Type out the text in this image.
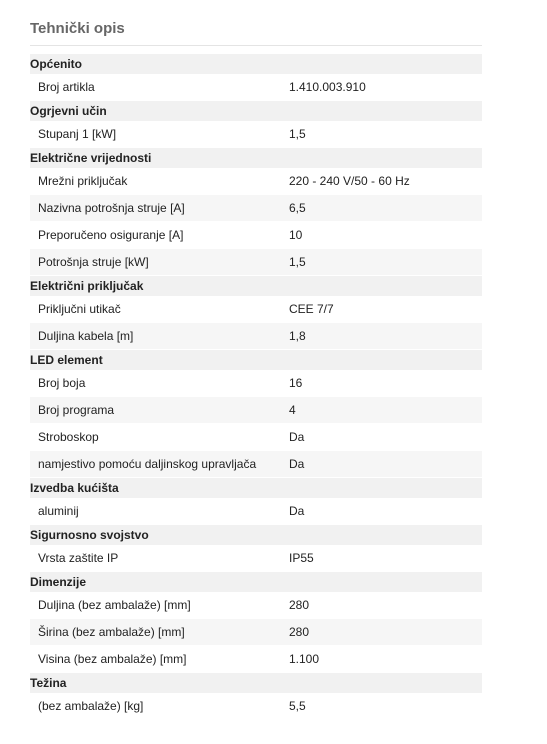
Tehnički opis
Općenito
Broj artikla	1.410.003.910
Ogrjevni učin
Stupanj 1 [kW]	1,5
Električne vrijednosti
Mrežni priključak	220 - 240 V/50 - 60 Hz
Nazivna potrošnja struje [A]	6,5
Preporučeno osiguranje [A]	10
Potrošnja struje [kW]	1,5
Električni priključak
Priključni utikač	CEE 7/7
Duljina kabela [m]	1,8
LED element
Broj boja	16
Broj programa	4
Stroboskop	Da
namjestivo pomoću daljinskog upravljača	Da
Izvedba kućišta
aluminij	Da
Sigurnosno svojstvo
Vrsta zaštite IP	IP55
Dimenzije
Duljina (bez ambalaže) [mm]	280
Širina (bez ambalaže) [mm]	280
Visina (bez ambalaže) [mm]	1.100
Težina
(bez ambalaže) [kg]	5,5
